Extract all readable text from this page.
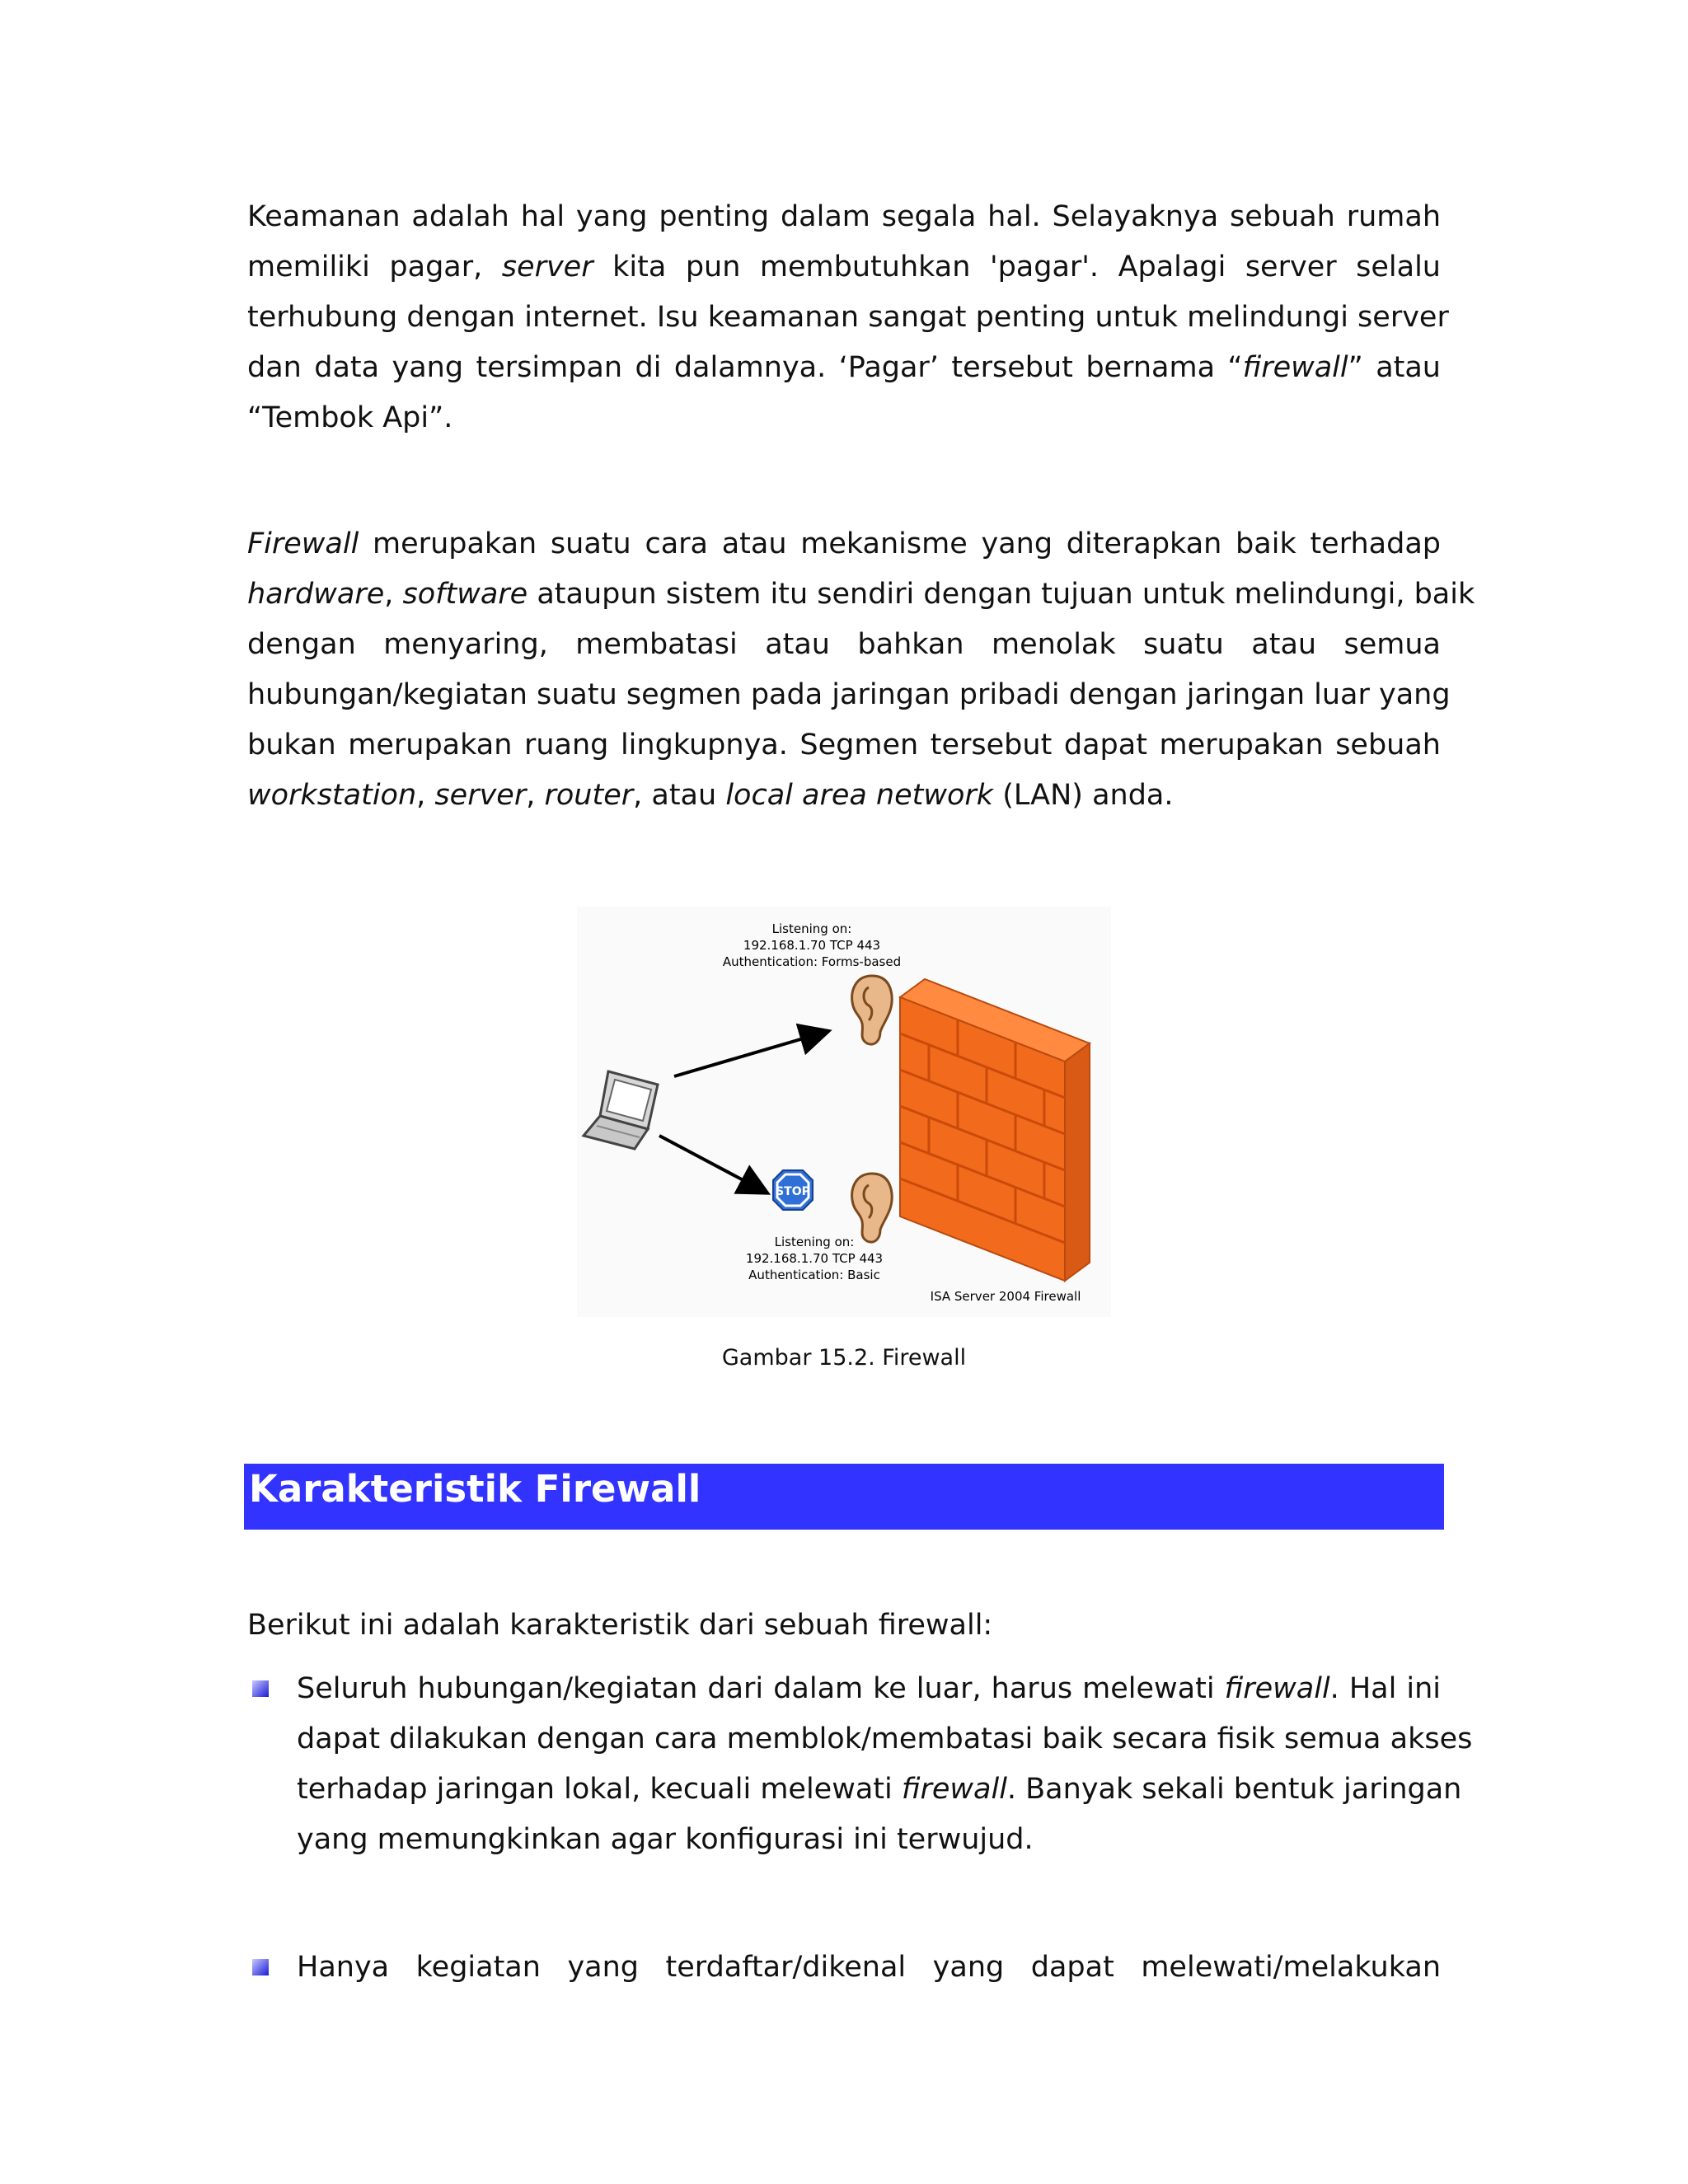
Keamanan adalah hal yang penting dalam segala hal. Selayaknya sebuah rumah
memiliki pagar, server kita pun membutuhkan 'pagar'. Apalagi server selalu
terhubung dengan internet. Isu keamanan sangat penting untuk melindungi server
dan data yang tersimpan di dalamnya. ‘Pagar’ tersebut bernama “firewall” atau
“Tembok Api”.
Firewall merupakan suatu cara atau mekanisme yang diterapkan baik terhadap
hardware, software ataupun sistem itu sendiri dengan tujuan untuk melindungi, baik
dengan menyaring, membatasi atau bahkan menolak suatu atau semua
hubungan/kegiatan suatu segmen pada jaringan pribadi dengan jaringan luar yang
bukan merupakan ruang lingkupnya. Segmen tersebut dapat merupakan sebuah
workstation, server, router, atau local area network (LAN) anda.
Listening on:
192.168.1.70 TCP 443
Authentication: Forms-based
STOP
Listening on:
192.168.1.70 TCP 443
Authentication: Basic
ISA Server 2004 Firewall

Gambar 15.2. Firewall

Karakteristik Firewall

Berikut ini adalah karakteristik dari sebuah firewall:

Seluruh hubungan/kegiatan dari dalam ke luar, harus melewati firewall. Hal ini
dapat dilakukan dengan cara memblok/membatasi baik secara fisik semua akses
terhadap jaringan lokal, kecuali melewati firewall. Banyak sekali bentuk jaringan
yang memungkinkan agar konfigurasi ini terwujud.
Hanya kegiatan yang terdaftar/dikenal yang dapat melewati/melakukan
